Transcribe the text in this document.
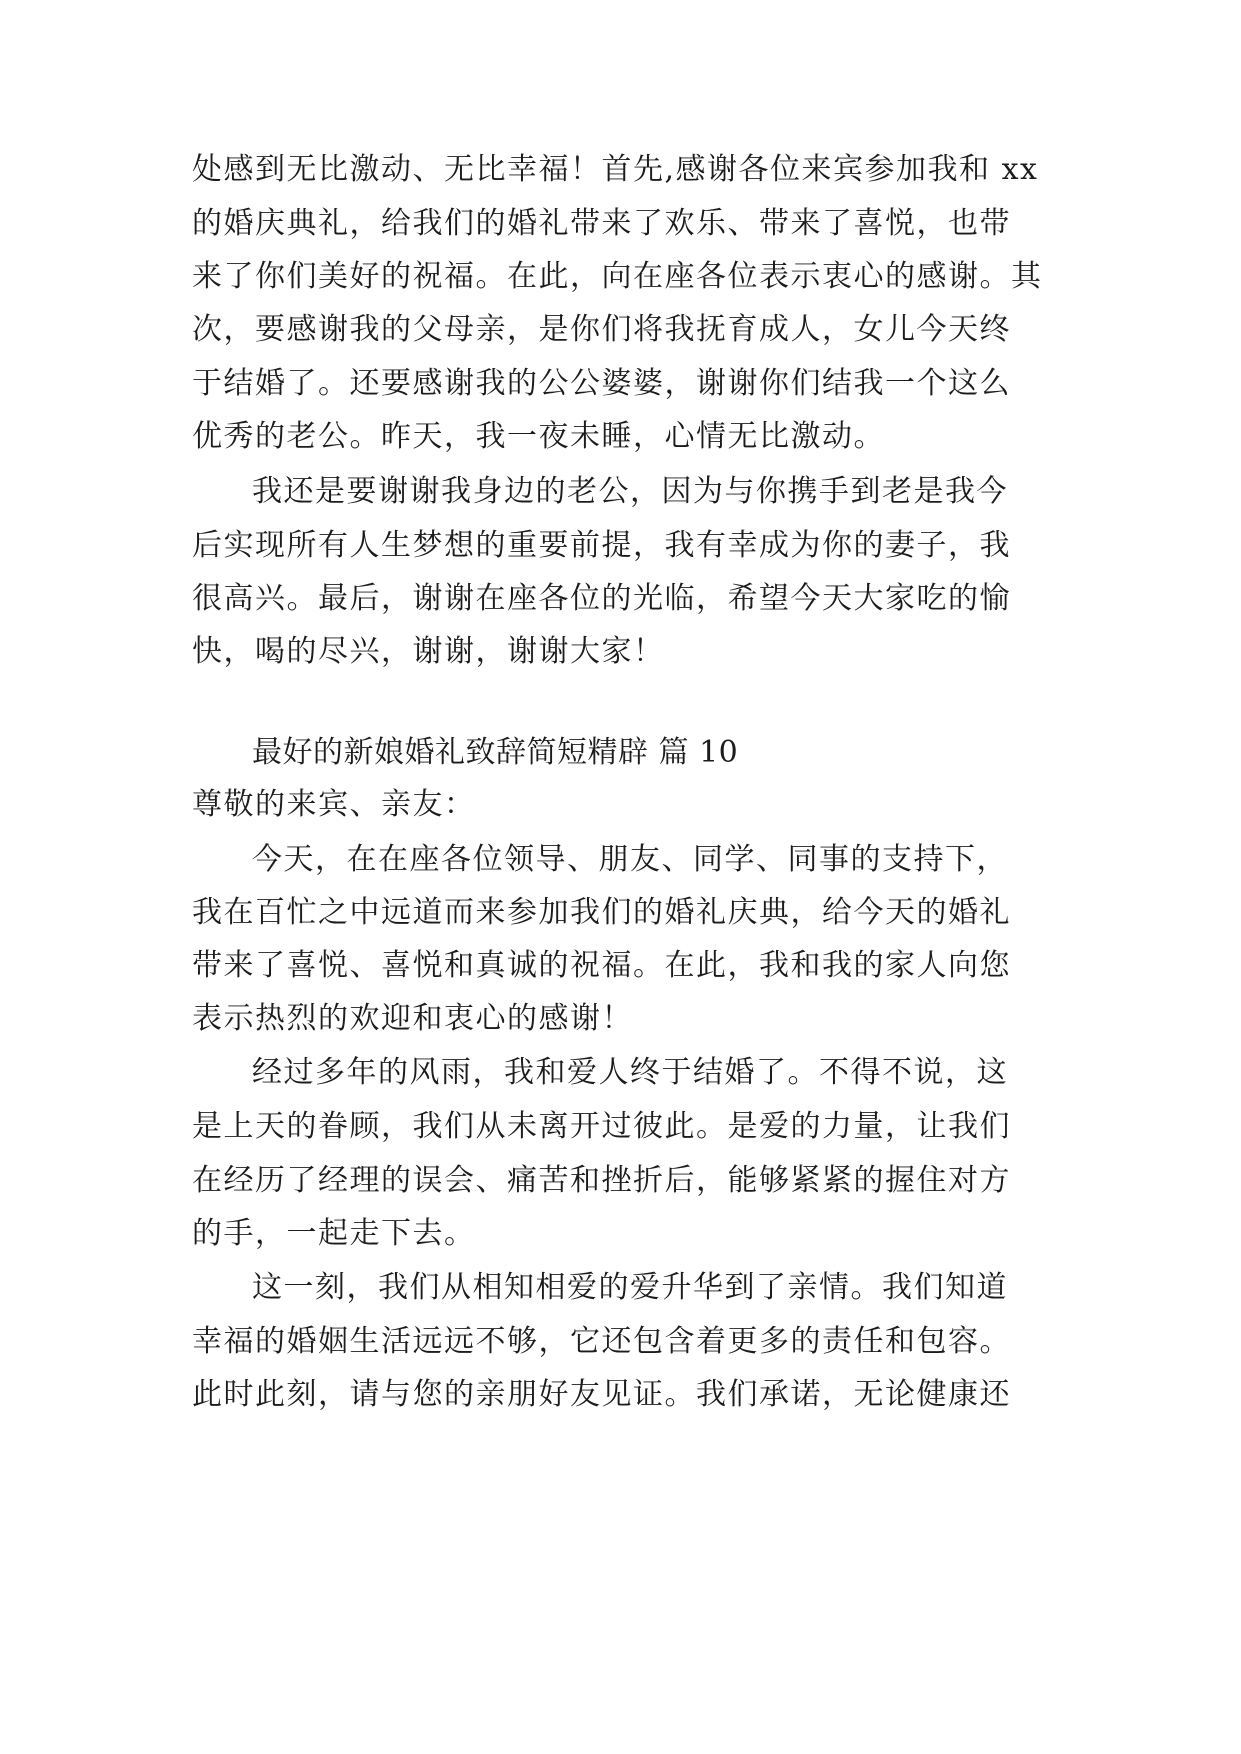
处感到无比激动、无比幸福！首先,感谢各位来宾参加我和 xx
的婚庆典礼，给我们的婚礼带来了欢乐、带来了喜悦，也带
来了你们美好的祝福。在此，向在座各位表示衷心的感谢。其
次，要感谢我的父母亲，是你们将我抚育成人，女儿今天终
于结婚了。还要感谢我的公公婆婆，谢谢你们结我一个这么
优秀的老公。昨天，我一夜未睡，心情无比激动。
我还是要谢谢我身边的老公，因为与你携手到老是我今
后实现所有人生梦想的重要前提，我有幸成为你的妻子，我
很高兴。最后，谢谢在座各位的光临，希望今天大家吃的愉
快，喝的尽兴，谢谢，谢谢大家！
最好的新娘婚礼致辞简短精辟 篇 10
尊敬的来宾、亲友：
今天，在在座各位领导、朋友、同学、同事的支持下，
我在百忙之中远道而来参加我们的婚礼庆典，给今天的婚礼
带来了喜悦、喜悦和真诚的祝福。在此，我和我的家人向您
表示热烈的欢迎和衷心的感谢！
经过多年的风雨，我和爱人终于结婚了。不得不说，这
是上天的眷顾，我们从未离开过彼此。是爱的力量，让我们
在经历了经理的误会、痛苦和挫折后，能够紧紧的握住对方
的手，一起走下去。
这一刻，我们从相知相爱的爱升华到了亲情。我们知道
幸福的婚姻生活远远不够，它还包含着更多的责任和包容。
此时此刻，请与您的亲朋好友见证。我们承诺，无论健康还
